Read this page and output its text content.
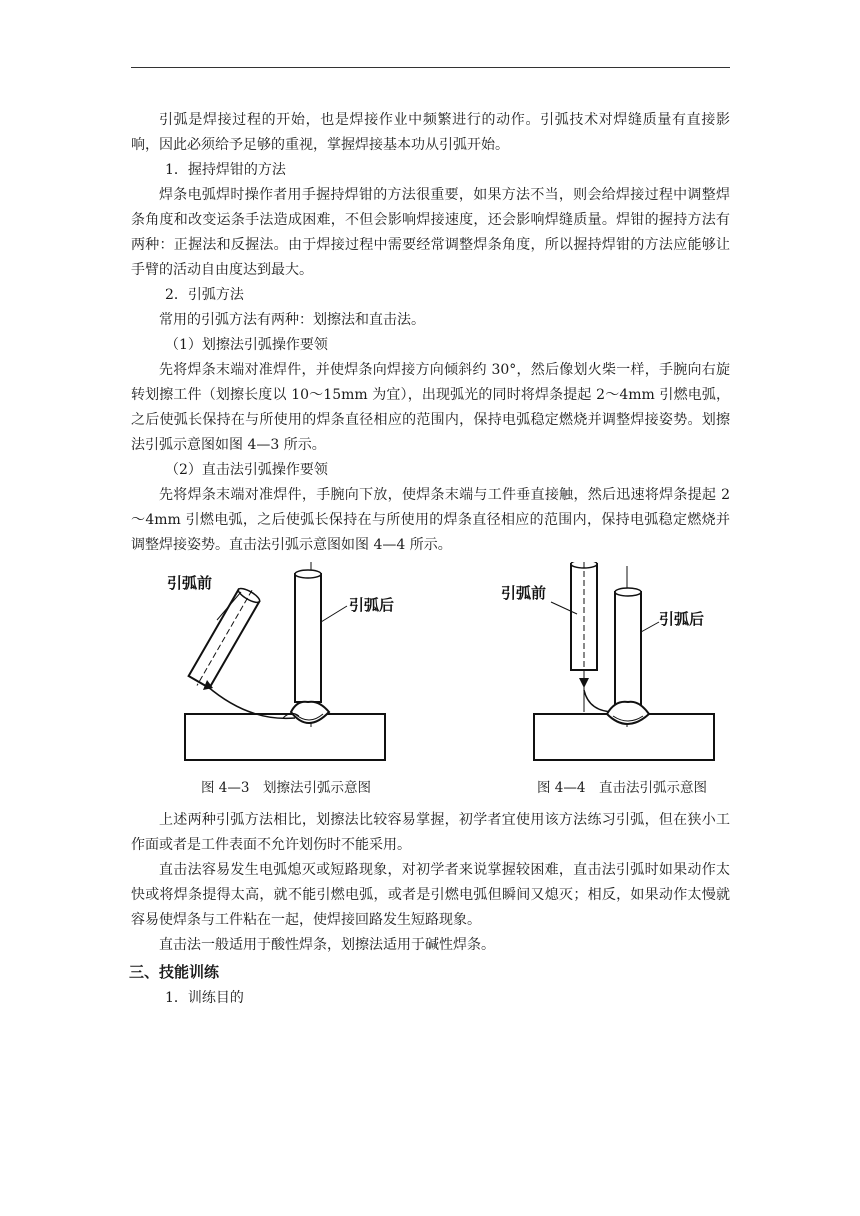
引弧是焊接过程的开始，也是焊接作业中频繁进行的动作。引弧技术对焊缝质量有直接影响，因此必须给予足够的重视，掌握焊接基本功从引弧开始。

1．握持焊钳的方法

焊条电弧焊时操作者用手握持焊钳的方法很重要，如果方法不当，则会给焊接过程中调整焊条角度和改变运条手法造成困难，不但会影响焊接速度，还会影响焊缝质量。焊钳的握持方法有两种：正握法和反握法。由于焊接过程中需要经常调整焊条角度，所以握持焊钳的方法应能够让手臂的活动自由度达到最大。

2．引弧方法

常用的引弧方法有两种：划擦法和直击法。

（1）划擦法引弧操作要领

先将焊条末端对准焊件，并使焊条向焊接方向倾斜约 30°，然后像划火柴一样，手腕向右旋转划擦工件（划擦长度以 10～15mm 为宜），出现弧光的同时将焊条提起 2～4mm 引燃电弧，之后使弧长保持在与所使用的焊条直径相应的范围内，保持电弧稳定燃烧并调整焊接姿势。划擦法引弧示意图如图 4—3 所示。

（2）直击法引弧操作要领

先将焊条末端对准焊件，手腕向下放，使焊条末端与工件垂直接触，然后迅速将焊条提起 2～4mm 引燃电弧，之后使弧长保持在与所使用的焊条直径相应的范围内，保持电弧稳定燃烧并调整焊接姿势。直击法引弧示意图如图 4—4 所示。

引弧前
引弧后
引弧前
引弧后
图 4—3　划擦法引弧示意图	图 4—4　直击法引弧示意图

上述两种引弧方法相比，划擦法比较容易掌握，初学者宜使用该方法练习引弧，但在狭小工作面或者是工件表面不允许划伤时不能采用。

直击法容易发生电弧熄灭或短路现象，对初学者来说掌握较困难，直击法引弧时如果动作太快或将焊条提得太高，就不能引燃电弧，或者是引燃电弧但瞬间又熄灭；相反，如果动作太慢就容易使焊条与工件粘在一起，使焊接回路发生短路现象。

直击法一般适用于酸性焊条，划擦法适用于碱性焊条。

三、技能训练

1．训练目的
